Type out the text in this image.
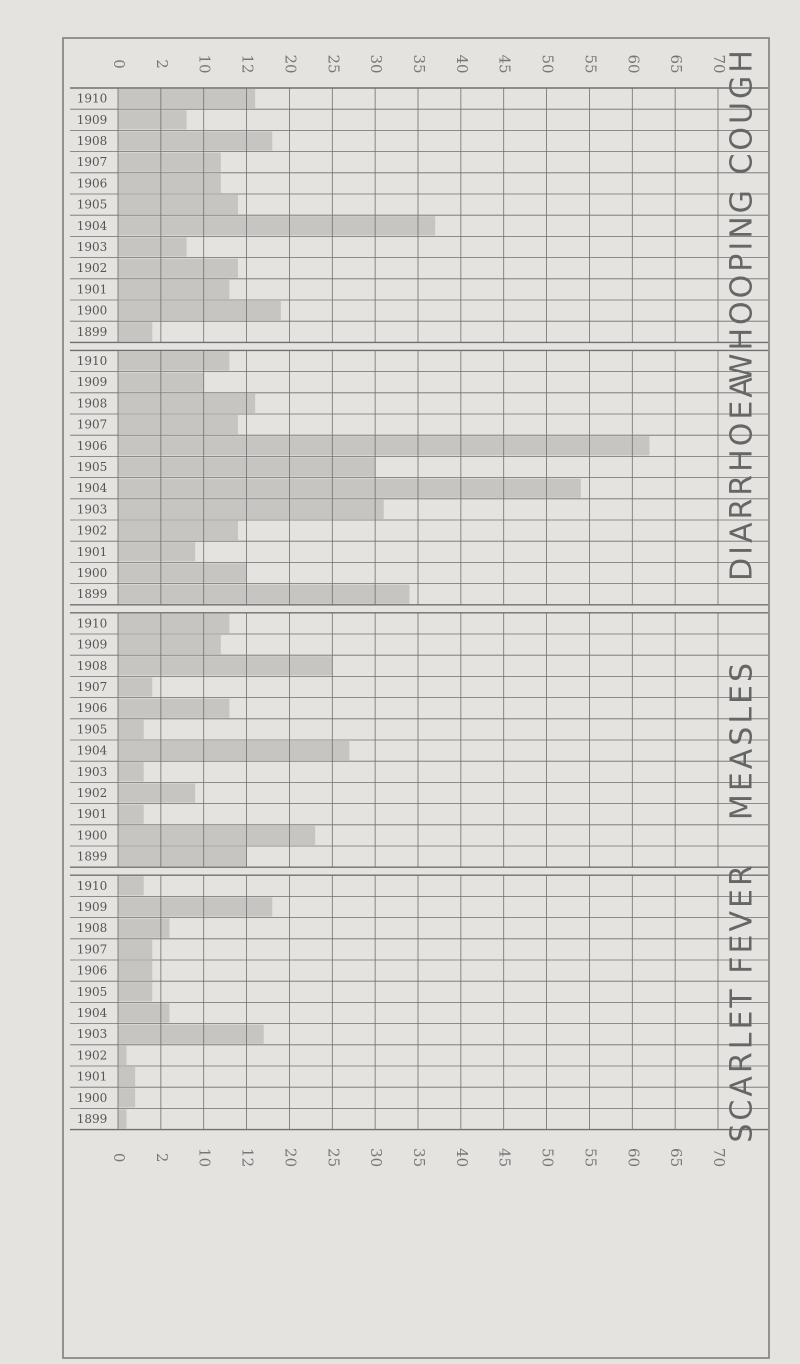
1910
1909
1908
1907
1906
1905
1904
1903
1902
1901
1900
1899	WHOOPING COUGH
1910
1909
1908
1907
1906
1905
1904
1903
1902
1901
1900
1899
DIARRHOEA
1910
1909
1908
1907
1906
1905
1904
1903
1902
1901
1900
1899
MEASLES
1910
1909
1908
1907
1906
1905
1904
1903
1902
1901
1900
1899	SCARLET FEVER
0 2 10 12 20 25 30 35 40 45 50 55 60 65 70
0 2 10 12 20 25 30 35 40 45 50 55 60 65 70
